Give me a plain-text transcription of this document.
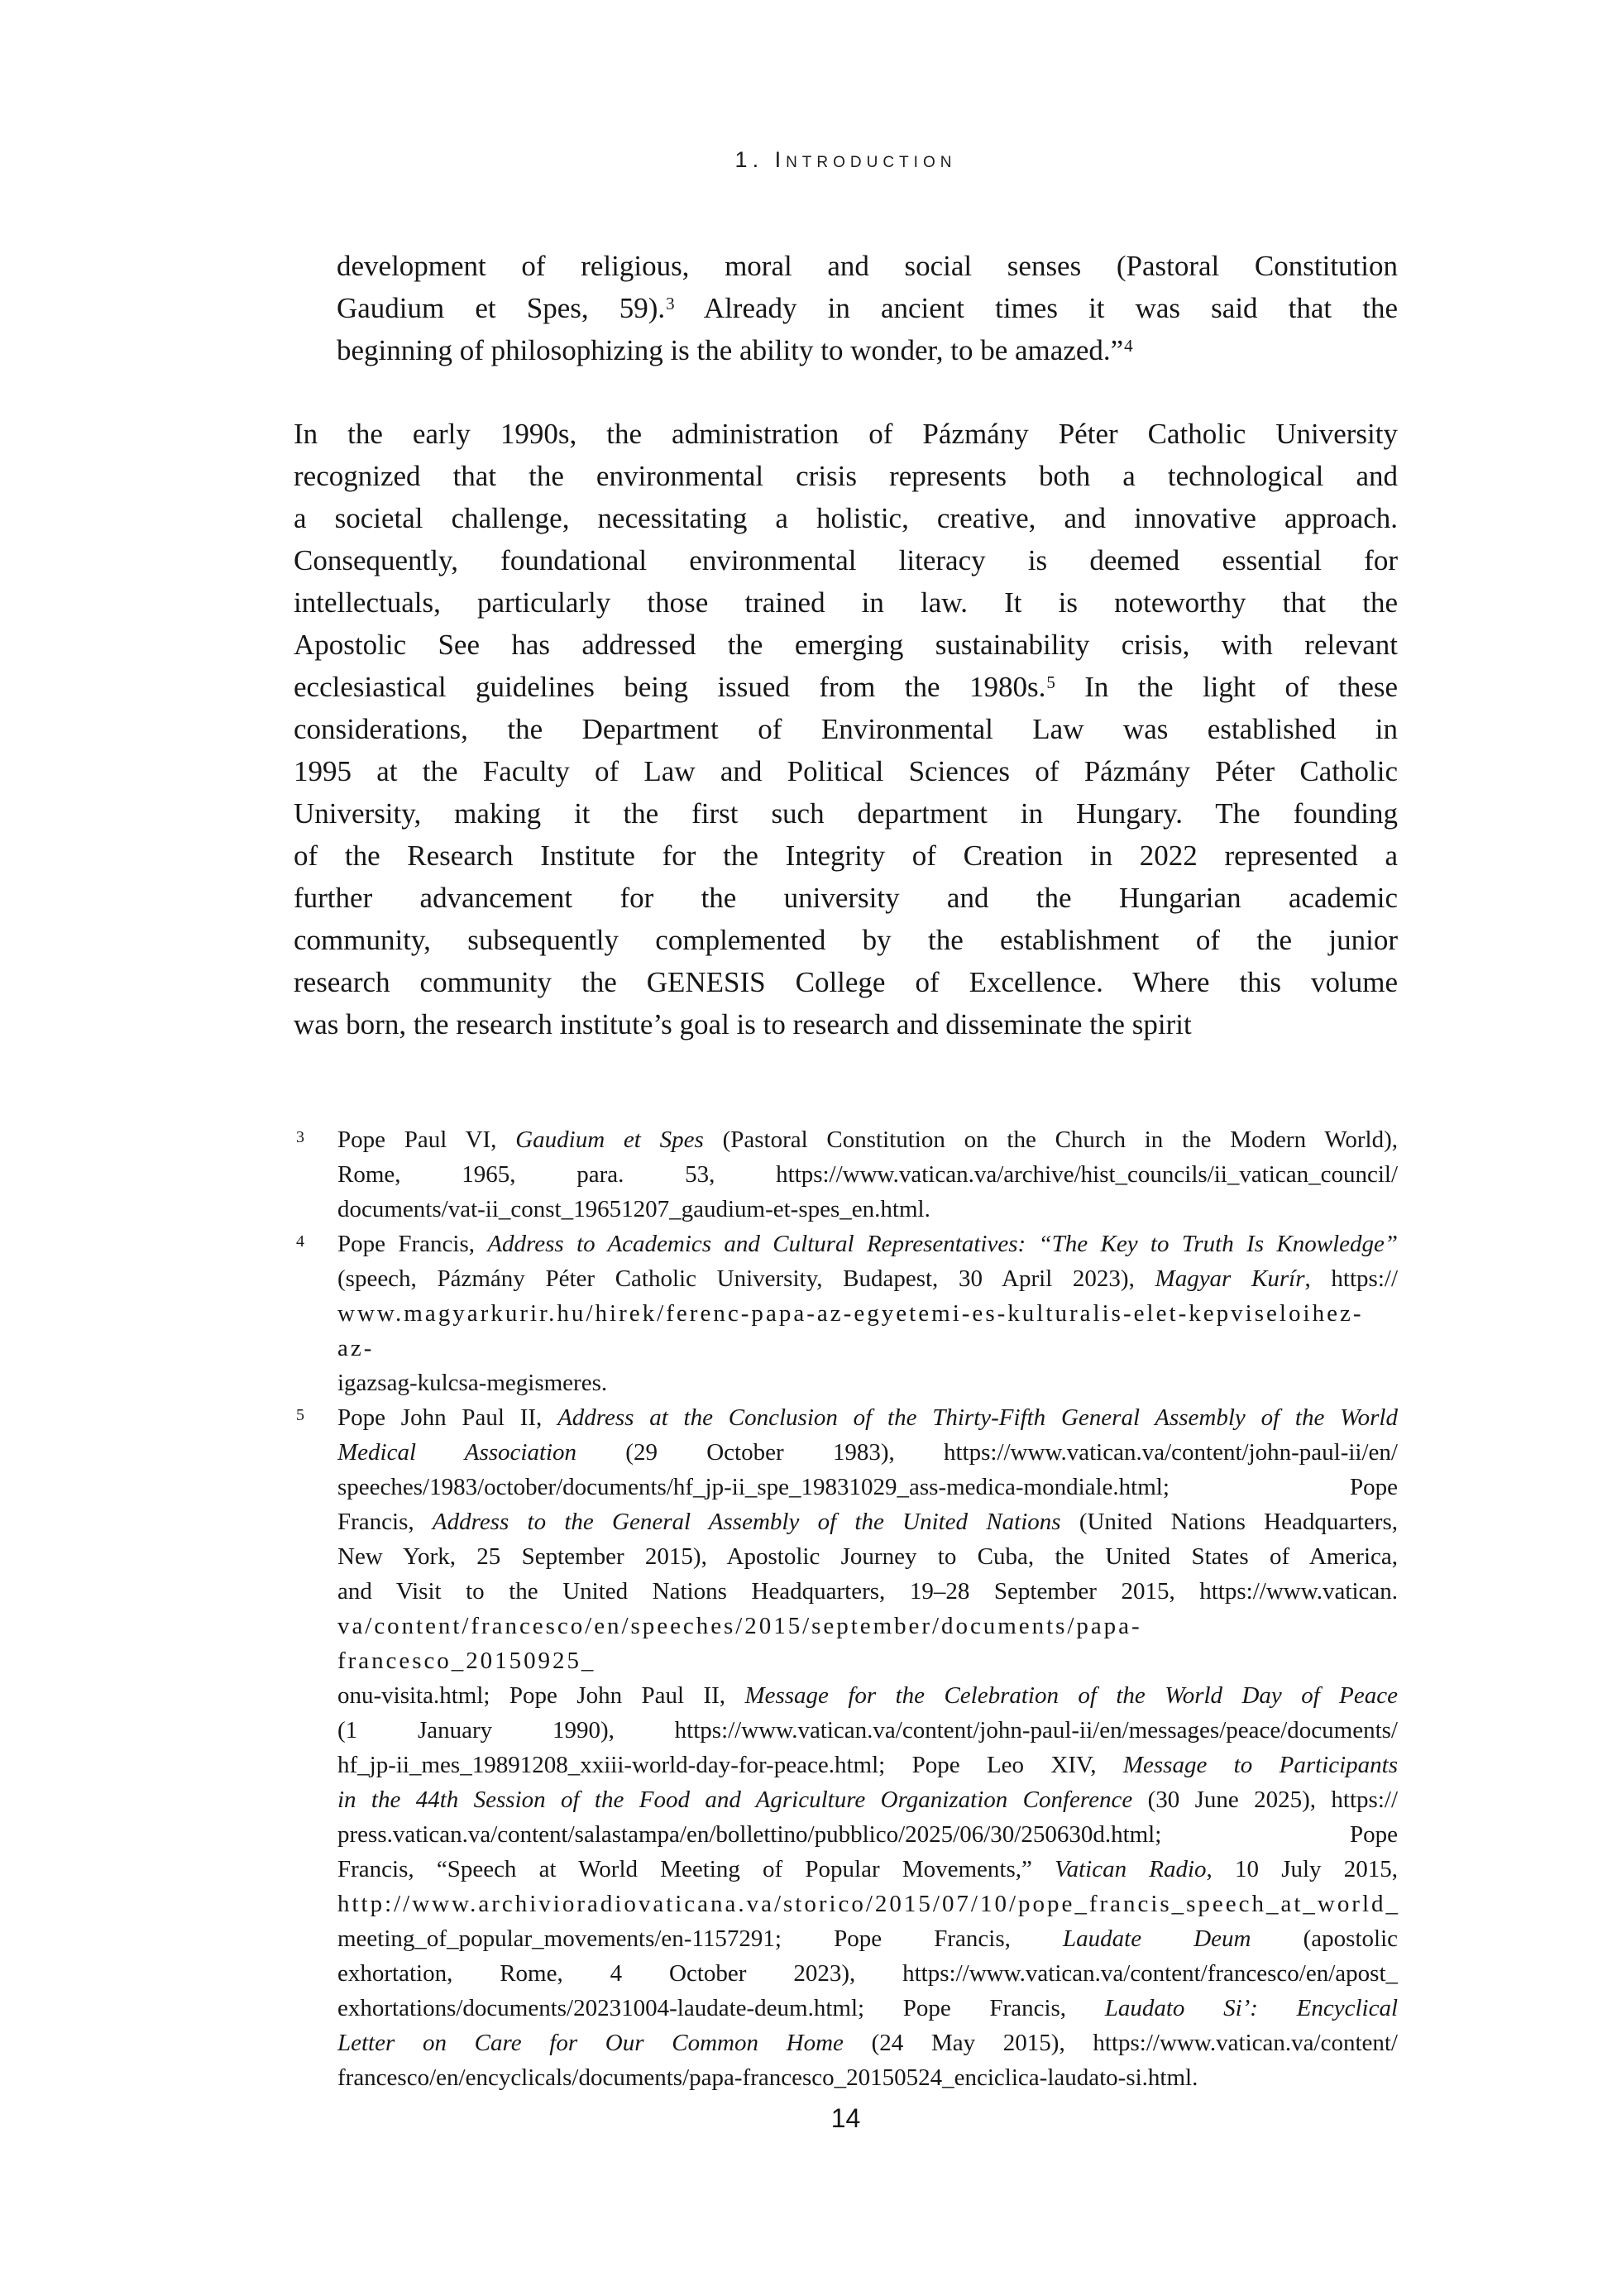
1. Introduction
development of religious, moral and social senses (Pastoral Constitution
Gaudium et Spes, 59).$^3$ Already in ancient times it was said that the
beginning of philosophizing is the ability to wonder, to be amazed.”$^4$
In the early 1990s, the administration of Pázmány Péter Catholic University
recognized that the environmental crisis represents both a technological and
a societal challenge, necessitating a holistic, creative, and innovative approach.
Consequently, foundational environmental literacy is deemed essential for
intellectuals, particularly those trained in law. It is noteworthy that the
Apostolic See has addressed the emerging sustainability crisis, with relevant
ecclesiastical guidelines being issued from the 1980s.$^5$ In the light of these
considerations, the Department of Environmental Law was established in
1995 at the Faculty of Law and Political Sciences of Pázmány Péter Catholic
University, making it the first such department in Hungary. The founding
of the Research Institute for the Integrity of Creation in 2022 represented a
further advancement for the university and the Hungarian academic
community, subsequently complemented by the establishment of the junior
research community the GENESIS College of Excellence. Where this volume
was born, the research institute’s goal is to research and disseminate the spirit
3 Pope Paul VI, Gaudium et Spes (Pastoral Constitution on the Church in the Modern World),
Rome, 1965, para. 53, https://www.vatican.va/archive/hist_councils/ii_vatican_council/
documents/vat-ii_const_19651207_gaudium-et-spes_en.html.
4 Pope Francis, Address to Academics and Cultural Representatives: “The Key to Truth Is Knowledge”
(speech, Pázmány Péter Catholic University, Budapest, 30 April 2023), Magyar Kurír, https://
www.magyarkurir.hu/hirek/ferenc-papa-az-egyetemi-es-kulturalis-elet-kepviseloihez-az-
igazsag-kulcsa-megismeres.
5 Pope John Paul II, Address at the Conclusion of the Thirty-Fifth General Assembly of the World
Medical Association (29 October 1983), https://www.vatican.va/content/john-paul-ii/en/
speeches/1983/october/documents/hf_jp-ii_spe_19831029_ass-medica-mondiale.html; Pope
Francis, Address to the General Assembly of the United Nations (United Nations Headquarters,
New York, 25 September 2015), Apostolic Journey to Cuba, the United States of America,
and Visit to the United Nations Headquarters, 19–28 September 2015, https://www.vatican.
va/content/francesco/en/speeches/2015/september/documents/papa-francesco_20150925_
onu-visita.html; Pope John Paul II, Message for the Celebration of the World Day of Peace
(1 January 1990), https://www.vatican.va/content/john-paul-ii/en/messages/peace/documents/
hf_jp-ii_mes_19891208_xxiii-world-day-for-peace.html; Pope Leo XIV, Message to Participants
in the 44th Session of the Food and Agriculture Organization Conference (30 June 2025), https://
press.vatican.va/content/salastampa/en/bollettino/pubblico/2025/06/30/250630d.html; Pope
Francis, “Speech at World Meeting of Popular Movements,” Vatican Radio, 10 July 2015,
http://www.archivioradiovaticana.va/storico/2015/07/10/pope_francis_speech_at_world_
meeting_of_popular_movements/en-1157291; Pope Francis, Laudate Deum (apostolic
exhortation, Rome, 4 October 2023), https://www.vatican.va/content/francesco/en/apost_
exhortations/documents/20231004-laudate-deum.html; Pope Francis, Laudato Si’: Encyclical
Letter on Care for Our Common Home (24 May 2015), https://www.vatican.va/content/
francesco/en/encyclicals/documents/papa-francesco_20150524_enciclica-laudato-si.html.
14
